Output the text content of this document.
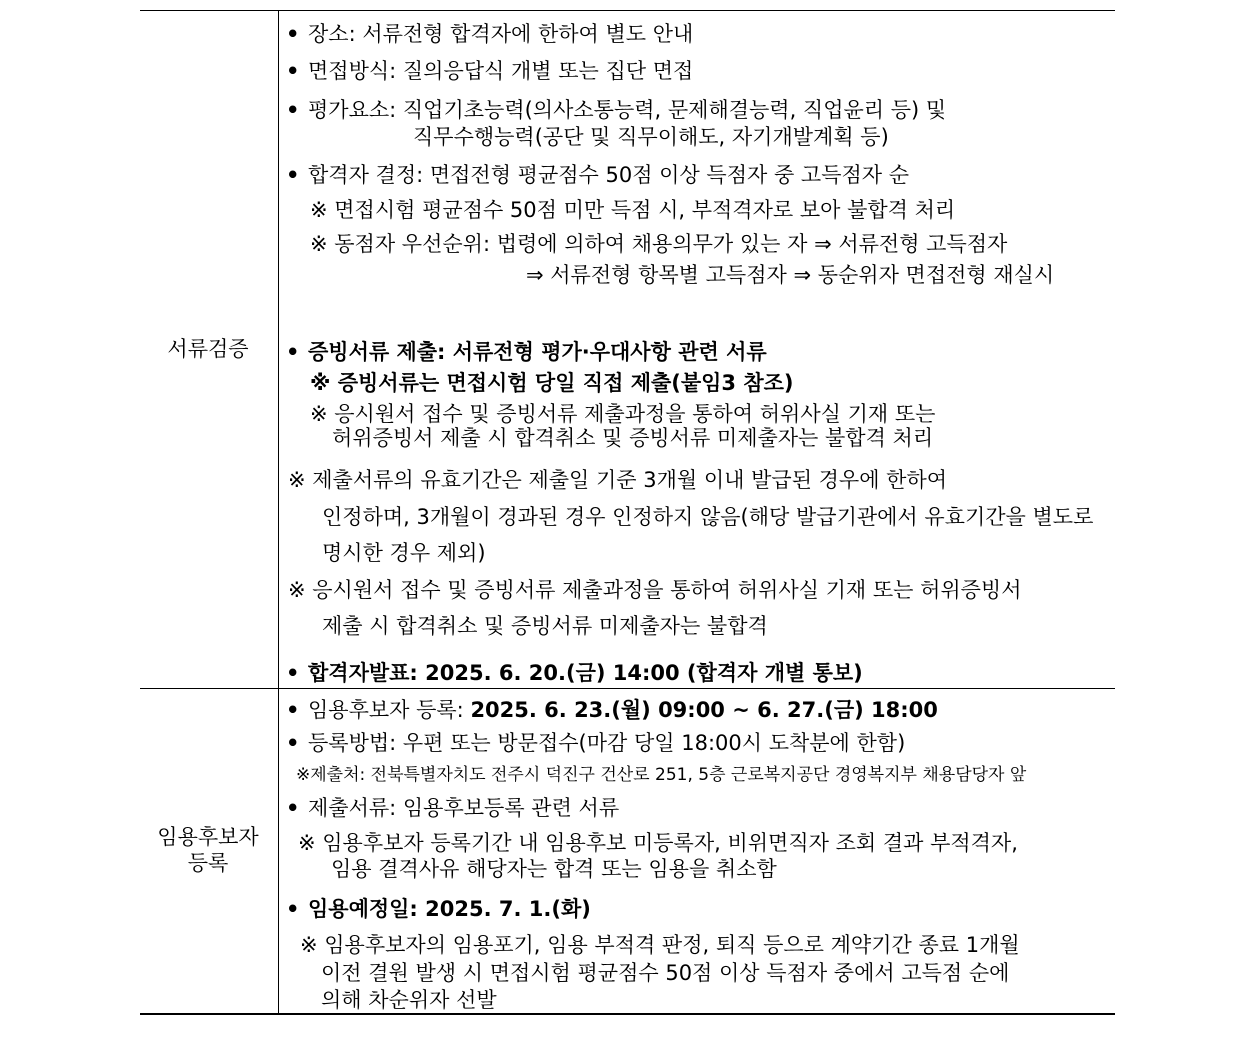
서류검증
• 장소: 서류전형 합격자에 한하여 별도 안내
• 면접방식: 질의응답식 개별 또는 집단 면접
• 평가요소: 직업기초능력(의사소통능력, 문제해결능력, 직업윤리 등) 및
직무수행능력(공단 및 직무이해도, 자기개발계획 등)
• 합격자 결정: 면접전형 평균점수 50점 이상 득점자 중 고득점자 순
※ 면접시험 평균점수 50점 미만 득점 시, 부적격자로 보아 불합격 처리
※ 동점자 우선순위: 법령에 의하여 채용의무가 있는 자 ⇒ 서류전형 고득점자
⇒ 서류전형 항목별 고득점자 ⇒ 동순위자 면접전형 재실시
• 증빙서류 제출: 서류전형 평가·우대사항 관련 서류
※ 증빙서류는 면접시험 당일 직접 제출(붙임3 참조)
※ 응시원서 접수 및 증빙서류 제출과정을 통하여 허위사실 기재 또는
허위증빙서 제출 시 합격취소 및 증빙서류 미제출자는 불합격 처리
※ 제출서류의 유효기간은 제출일 기준 3개월 이내 발급된 경우에 한하여
인정하며, 3개월이 경과된 경우 인정하지 않음(해당 발급기관에서 유효기간을 별도로
명시한 경우 제외)
※ 응시원서 접수 및 증빙서류 제출과정을 통하여 허위사실 기재 또는 허위증빙서
제출 시 합격취소 및 증빙서류 미제출자는 불합격
• 합격자발표: 2025. 6. 20.(금) 14:00 (합격자 개별 통보)
임용후보자
등록
• 임용후보자 등록: 2025. 6. 23.(월) 09:00 ~ 6. 27.(금) 18:00
• 등록방법: 우편 또는 방문접수(마감 당일 18:00시 도착분에 한함)
※제출처: 전북특별자치도 전주시 덕진구 건산로 251, 5층 근로복지공단 경영복지부 채용담당자 앞
• 제출서류: 임용후보등록 관련 서류
※ 임용후보자 등록기간 내 임용후보 미등록자, 비위면직자 조회 결과 부적격자,
임용 결격사유 해당자는 합격 또는 임용을 취소함
• 임용예정일: 2025. 7. 1.(화)
※ 임용후보자의 임용포기, 임용 부적격 판정, 퇴직 등으로 계약기간 종료 1개월
이전 결원 발생 시 면접시험 평균점수 50점 이상 득점자 중에서 고득점 순에
의해 차순위자 선발
